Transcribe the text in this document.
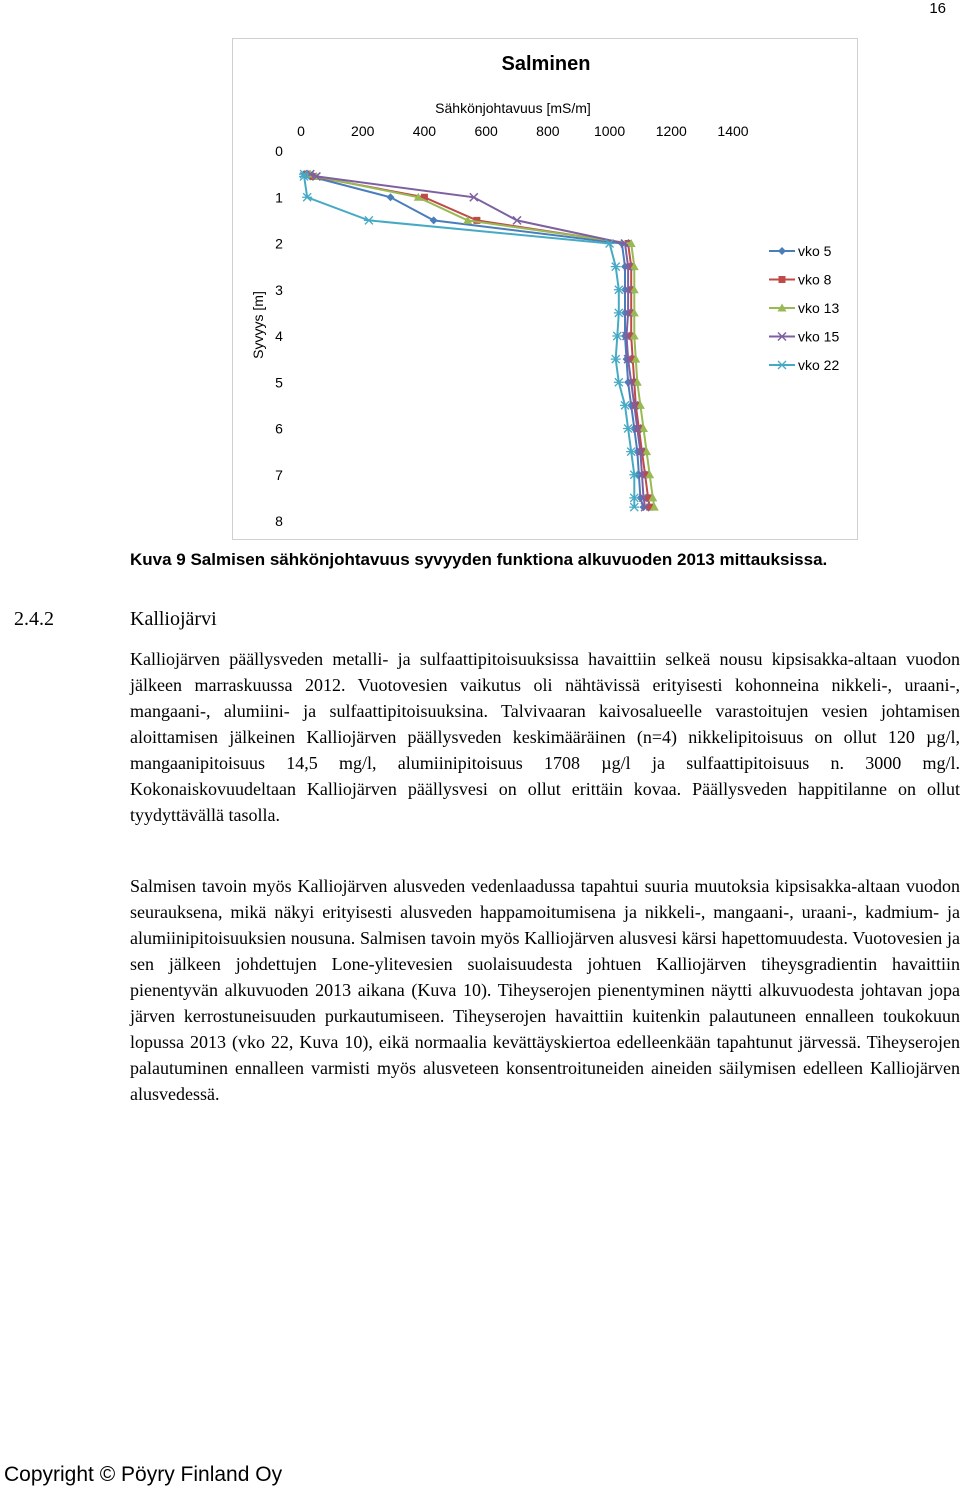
16
Salminen
Sähkönjohtavuus [mS/m]
Syvyys [m]
0	200	400	600	800 1000 1200 1400
0
1
2
3
4
5
6
7
8
vko 5
vko 8
vko 13
vko 15
vko 22
Kuva 9 Salmisen sähkönjohtavuus syvyyden funktiona alkuvuoden 2013 mittauksissa.
2.4.2	Kalliojärvi

Kalliojärven päällysveden metalli- ja sulfaattipitoisuuksissa havaittiin selkeä nousu kipsisakka-altaan vuodon jälkeen marraskuussa 2012. Vuotovesien vaikutus oli nähtävissä erityisesti kohonneina nikkeli-, uraani-, mangaani-, alumiini- ja sulfaattipitoisuuksina. Talvivaaran kaivosalueelle varastoitujen vesien johtamisen aloittamisen jälkeinen Kalliojärven päällysveden keskimääräinen (n=4) nikkelipitoisuus on ollut 120 µg/l, mangaanipitoisuus 14,5 mg/l, alumiinipitoisuus 1708 µg/l ja sulfaattipitoisuus n. 3000 mg/l. Kokonaiskovuudeltaan Kalliojärven päällysvesi on ollut erittäin kovaa. Päällysveden happitilanne on ollut tyydyttävällä tasolla.

Salmisen tavoin myös Kalliojärven alusveden vedenlaadussa tapahtui suuria muutoksia kipsisakka-altaan vuodon seurauksena, mikä näkyi erityisesti alusveden happamoitumisena ja nikkeli-, mangaani-, uraani-, kadmium- ja alumiinipitoisuuksien nousuna. Salmisen tavoin myös Kalliojärven alusvesi kärsi hapettomuudesta. Vuotovesien ja sen jälkeen johdettujen Lone-ylitevesien suolaisuudesta johtuen Kalliojärven tiheysgradientin havaittiin pienentyvän alkuvuoden 2013 aikana (Kuva 10). Tiheyserojen pienentyminen näytti alkuvuodesta johtavan jopa järven kerrostuneisuuden purkautumiseen. Tiheyserojen havaittiin kuitenkin palautuneen ennalleen toukokuun lopussa 2013 (vko 22, Kuva 10), eikä normaalia kevättäyskiertoa edelleenkään tapahtunut järvessä. Tiheyserojen palautuminen ennalleen varmisti myös alusveteen konsentroituneiden aineiden säilymisen edelleen Kalliojärven alusvedessä.

Copyright © Pöyry Finland Oy
